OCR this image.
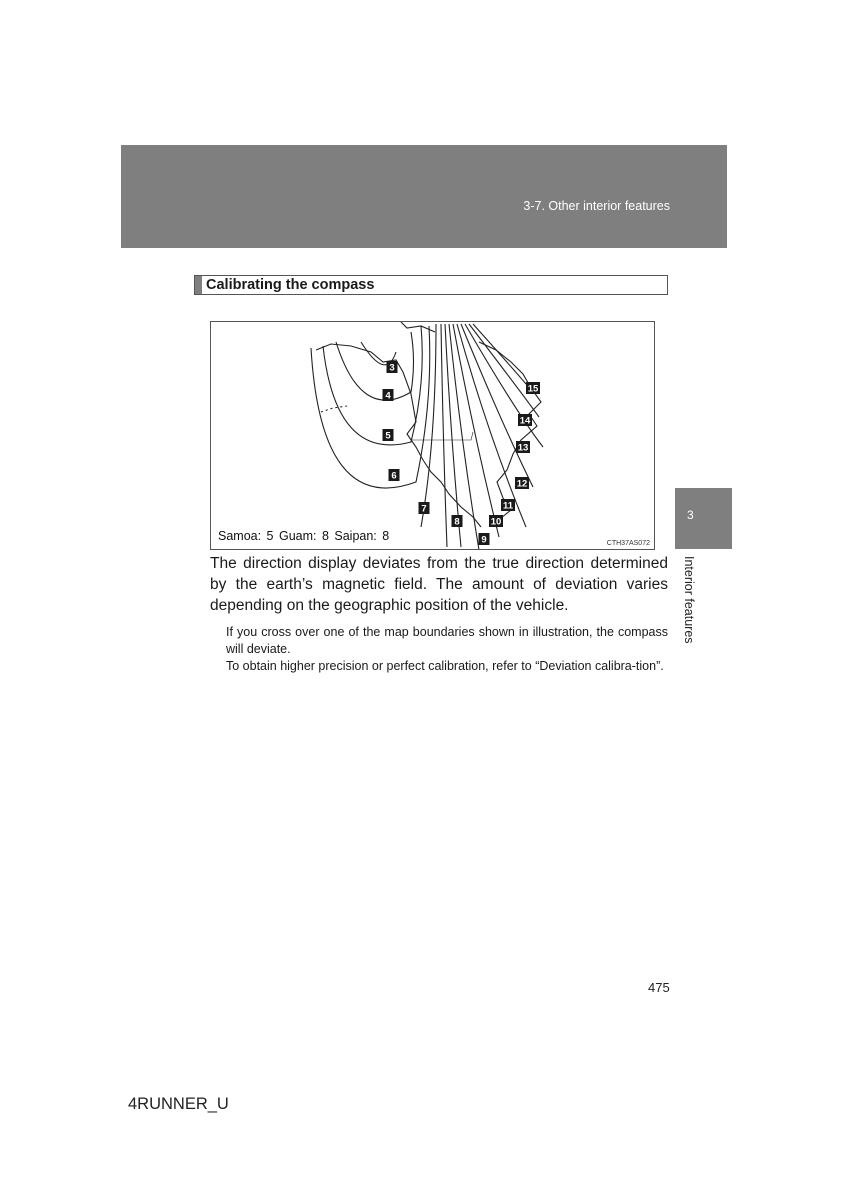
3-7. Other interior features
3
Interior features
Calibrating the compass
3
4
5
6
7
8
9
10
11
12
13
14
15
Samoa: 5 Guam: 8 Saipan: 8
CTH37AS072
The direction display deviates from the true direction determined by the earth’s magnetic field. The amount of deviation varies depending on the geographic position of the vehicle.

If you cross over one of the map boundaries shown in illustration, the compass will deviate.

To obtain higher precision or perfect calibration, refer to “Deviation calibra-tion”.

475
4RUNNER_U
